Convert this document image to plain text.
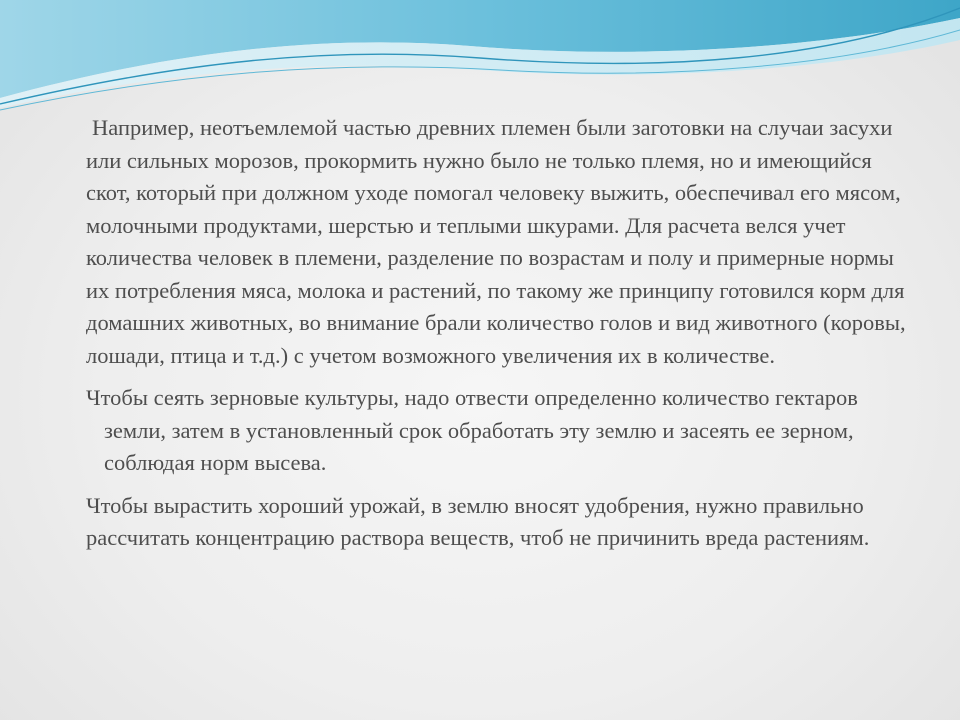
Например, неотъемлемой частью древних племен были заготовки на случаи засухи или сильных морозов, прокормить нужно было не только племя, но и имеющийся скот, который при должном уходе помогал человеку выжить, обеспечивал его мясом, молочными продуктами, шерстью и теплыми шкурами. Для расчета велся учет количества человек в племени, разделение по возрастам и полу и примерные нормы их потребления мяса, молока и растений, по такому же принципу готовился корм для домашних животных, во внимание брали количество голов и вид животного (коровы, лошади, птица и т.д.) с учетом возможного увеличения их в количестве.

Чтобы сеять зерновые культуры, надо отвести определенно количество гектаров земли, затем в установленный срок обработать эту землю и засеять ее зерном, соблюдая норм высева.

Чтобы вырастить хороший урожай, в землю вносят удобрения, нужно правильно рассчитать концентрацию раствора веществ, чтоб не причинить вреда растениям.
